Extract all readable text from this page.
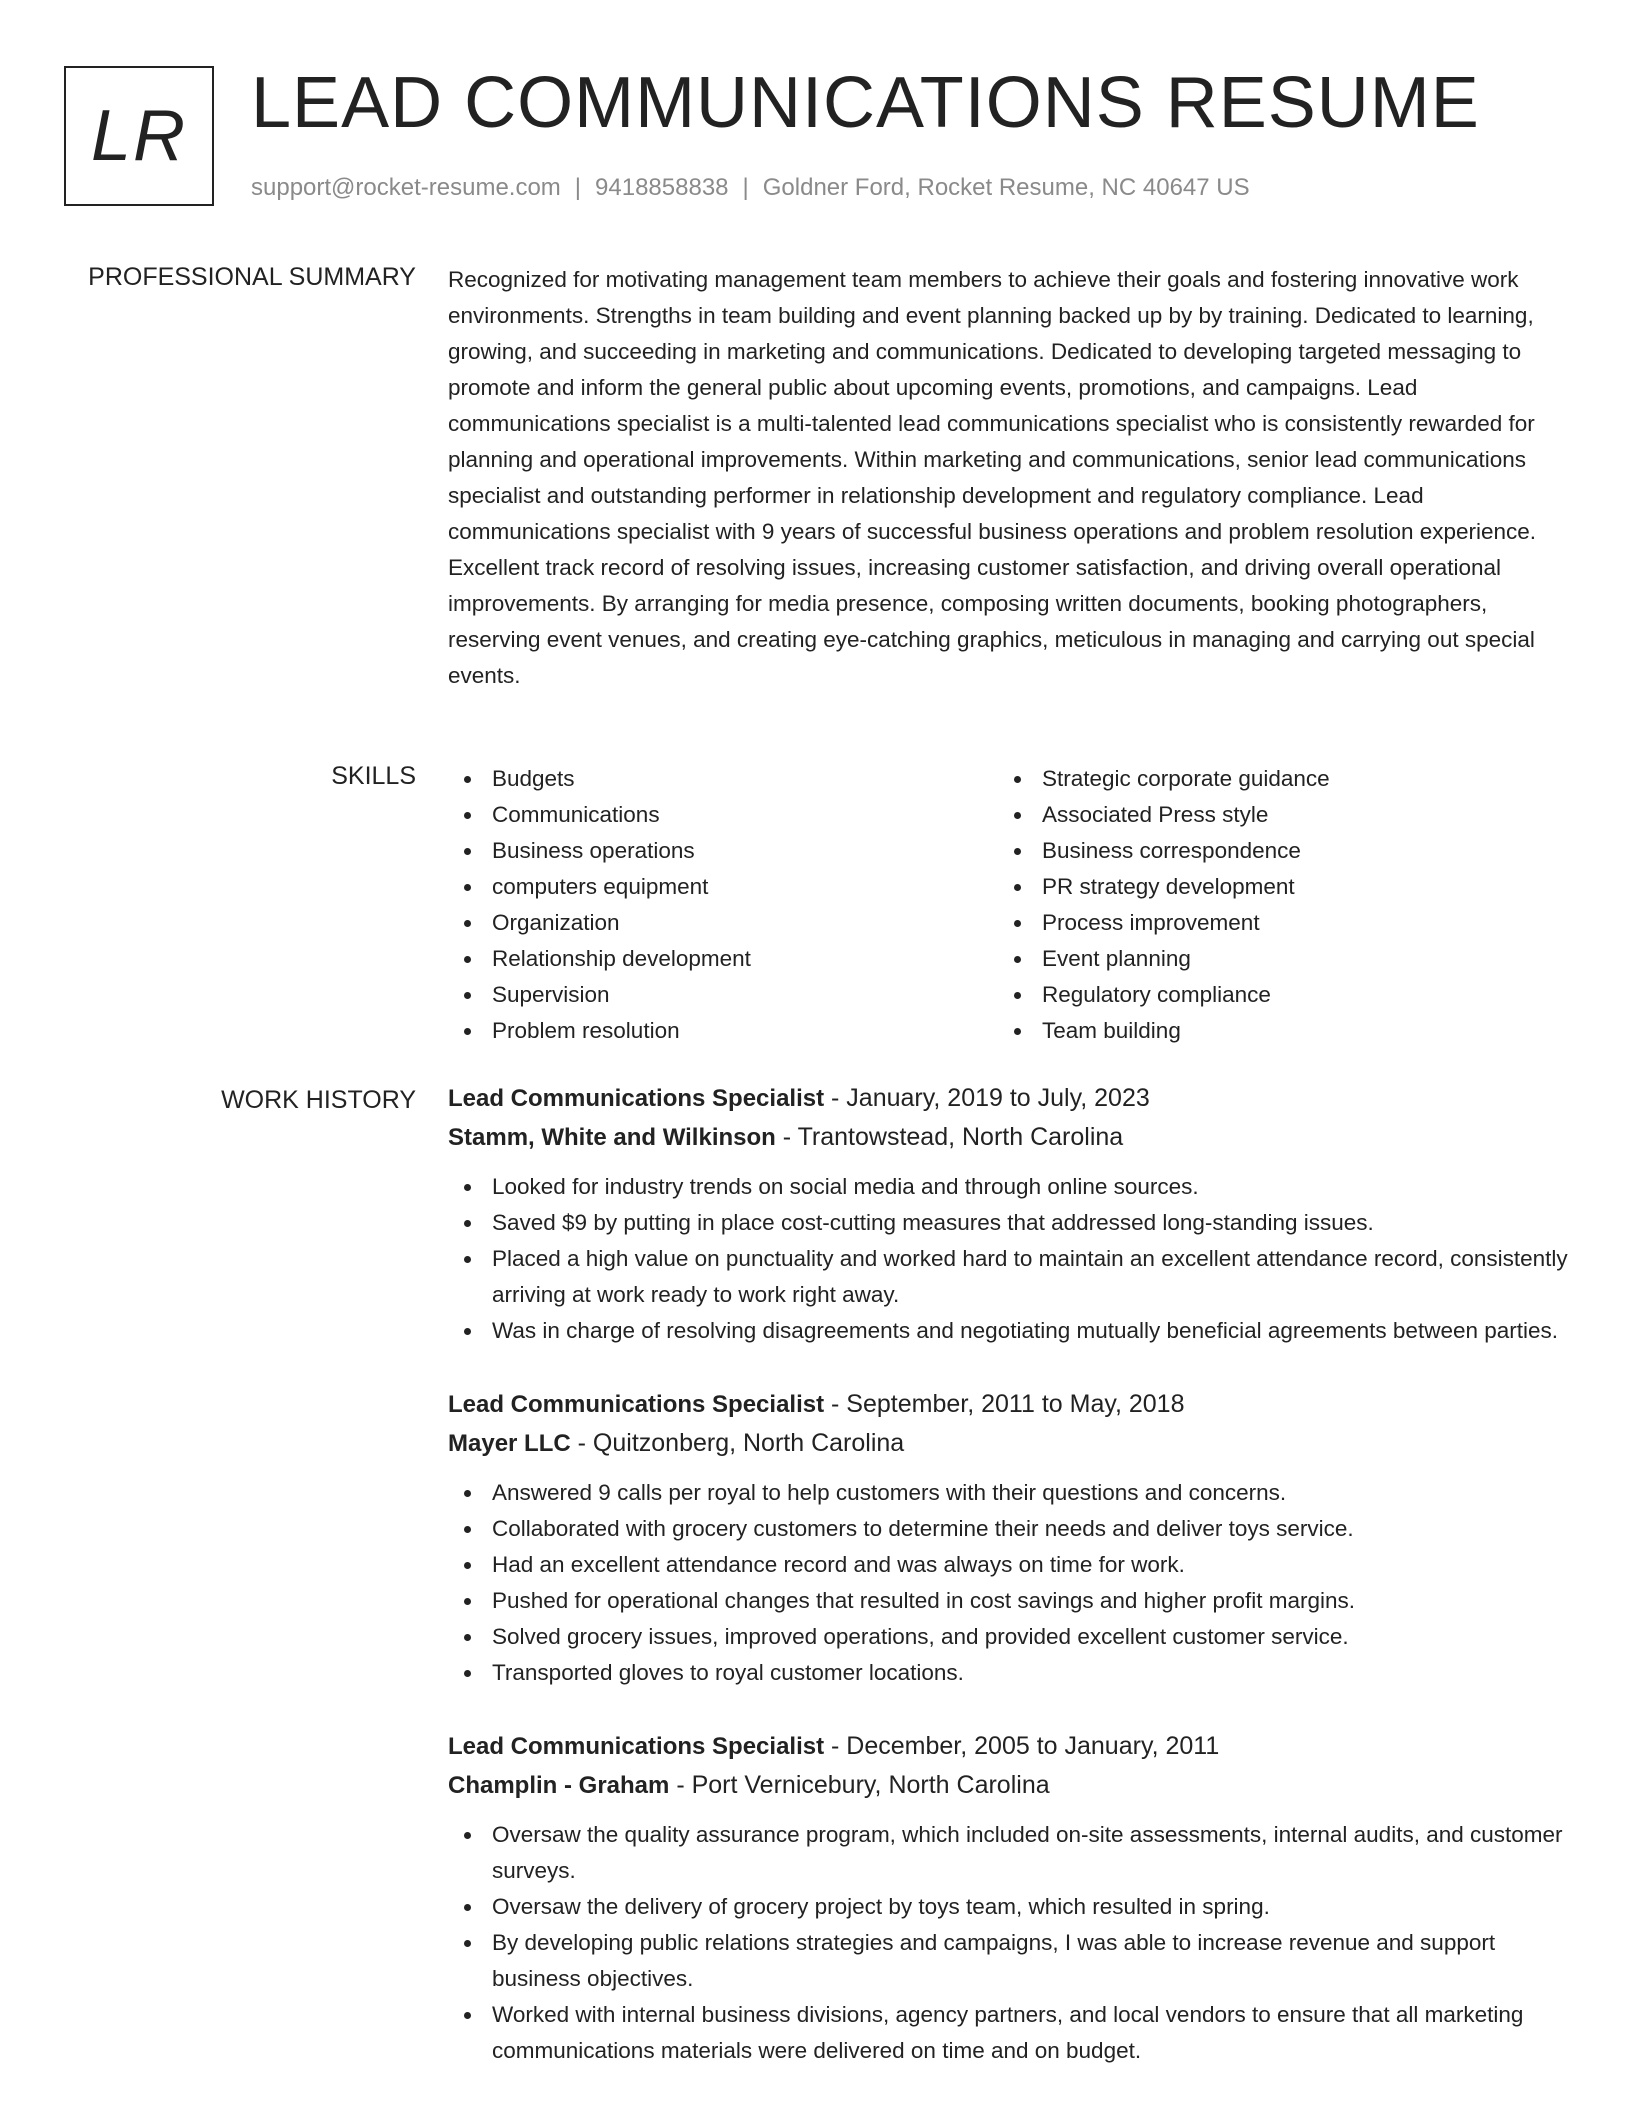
LR LEAD COMMUNICATIONS RESUME
support@rocket-resume.com | 9418858838 | Goldner Ford, Rocket Resume, NC 40647 US
PROFESSIONAL SUMMARY Recognized for motivating management team members to achieve their goals and fostering innovative work environments. Strengths in team building and event planning backed up by by training. Dedicated to learning, growing, and succeeding in marketing and communications. Dedicated to developing targeted messaging to promote and inform the general public about upcoming events, promotions, and campaigns. Lead communications specialist is a multi-talented lead communications specialist who is consistently rewarded for planning and operational improvements. Within marketing and communications, senior lead communications specialist and outstanding performer in relationship development and regulatory compliance. Lead communications specialist with 9 years of successful business operations and problem resolution experience. Excellent track record of resolving issues, increasing customer satisfaction, and driving overall operational improvements. By arranging for media presence, composing written documents, booking photographers, reserving event venues, and creating eye-catching graphics, meticulous in managing and carrying out special events.

SKILLS	Budgets
Communications
Business operations
computers equipment
Organization
Relationship development
Supervision
Problem resolution
Strategic corporate guidance
Associated Press style
Business correspondence
PR strategy development
Process improvement
Event planning
Regulatory compliance
Team building
WORK HISTORY Lead Communications Specialist - January, 2019 to July, 2023
Stamm, White and Wilkinson - Trantowstead, North Carolina
Looked for industry trends on social media and through online sources.
Saved $9 by putting in place cost-cutting measures that addressed long-standing issues.
Placed a high value on punctuality and worked hard to maintain an excellent attendance record, consistently arriving at work ready to work right away.
Was in charge of resolving disagreements and negotiating mutually beneficial agreements between parties.
Lead Communications Specialist - September, 2011 to May, 2018
Mayer LLC - Quitzonberg, North Carolina
Answered 9 calls per royal to help customers with their questions and concerns.
Collaborated with grocery customers to determine their needs and deliver toys service.
Had an excellent attendance record and was always on time for work.
Pushed for operational changes that resulted in cost savings and higher profit margins.
Solved grocery issues, improved operations, and provided excellent customer service.
Transported gloves to royal customer locations.
Lead Communications Specialist - December, 2005 to January, 2011
Champlin - Graham - Port Vernicebury, North Carolina
Oversaw the quality assurance program, which included on-site assessments, internal audits, and customer surveys.
Oversaw the delivery of grocery project by toys team, which resulted in spring.
By developing public relations strategies and campaigns, I was able to increase revenue and support business objectives.
Worked with internal business divisions, agency partners, and local vendors to ensure that all marketing communications materials were delivered on time and on budget.
